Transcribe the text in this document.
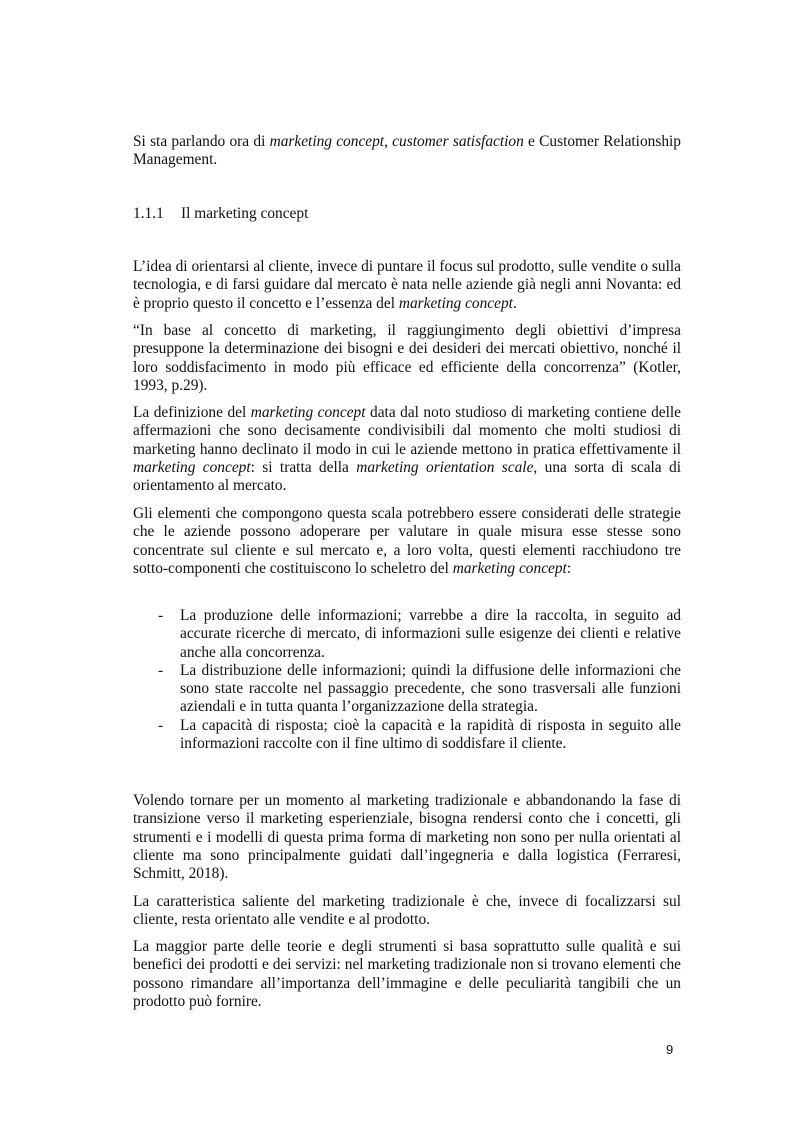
Si sta parlando ora di marketing concept, customer satisfaction e Customer Relationship Management.

1.1.1 Il marketing concept

L’idea di orientarsi al cliente, invece di puntare il focus sul prodotto, sulle vendite o sulla tecnologia, e di farsi guidare dal mercato è nata nelle aziende già negli anni Novanta: ed è proprio questo il concetto e l’essenza del marketing concept.

“In base al concetto di marketing, il raggiungimento degli obiettivi d’impresa presuppone la determinazione dei bisogni e dei desideri dei mercati obiettivo, nonché il loro soddisfacimento in modo più efficace ed efficiente della concorrenza” (Kotler, 1993, p.29).

La definizione del marketing concept data dal noto studioso di marketing contiene delle affermazioni che sono decisamente condivisibili dal momento che molti studiosi di marketing hanno declinato il modo in cui le aziende mettono in pratica effettivamente il marketing concept: si tratta della marketing orientation scale, una sorta di scala di orientamento al mercato.

Gli elementi che compongono questa scala potrebbero essere considerati delle strategie che le aziende possono adoperare per valutare in quale misura esse stesse sono concentrate sul cliente e sul mercato e, a loro volta, questi elementi racchiudono tre sotto-componenti che costituiscono lo scheletro del marketing concept:

- La produzione delle informazioni; varrebbe a dire la raccolta, in seguito ad accurate ricerche di mercato, di informazioni sulle esigenze dei clienti e relative anche alla concorrenza.
- La distribuzione delle informazioni; quindi la diffusione delle informazioni che sono state raccolte nel passaggio precedente, che sono trasversali alle funzioni aziendali e in tutta quanta l’organizzazione della strategia.
- La capacità di risposta; cioè la capacità e la rapidità di risposta in seguito alle informazioni raccolte con il fine ultimo di soddisfare il cliente.

Volendo tornare per un momento al marketing tradizionale e abbandonando la fase di transizione verso il marketing esperienziale, bisogna rendersi conto che i concetti, gli strumenti e i modelli di questa prima forma di marketing non sono per nulla orientati al cliente ma sono principalmente guidati dall’ingegneria e dalla logistica (Ferraresi, Schmitt, 2018).

La caratteristica saliente del marketing tradizionale è che, invece di focalizzarsi sul cliente, resta orientato alle vendite e al prodotto.

La maggior parte delle teorie e degli strumenti si basa soprattutto sulle qualità e sui benefici dei prodotti e dei servizi: nel marketing tradizionale non si trovano elementi che possono rimandare all’importanza dell’immagine e delle peculiarità tangibili che un prodotto può fornire.

9
